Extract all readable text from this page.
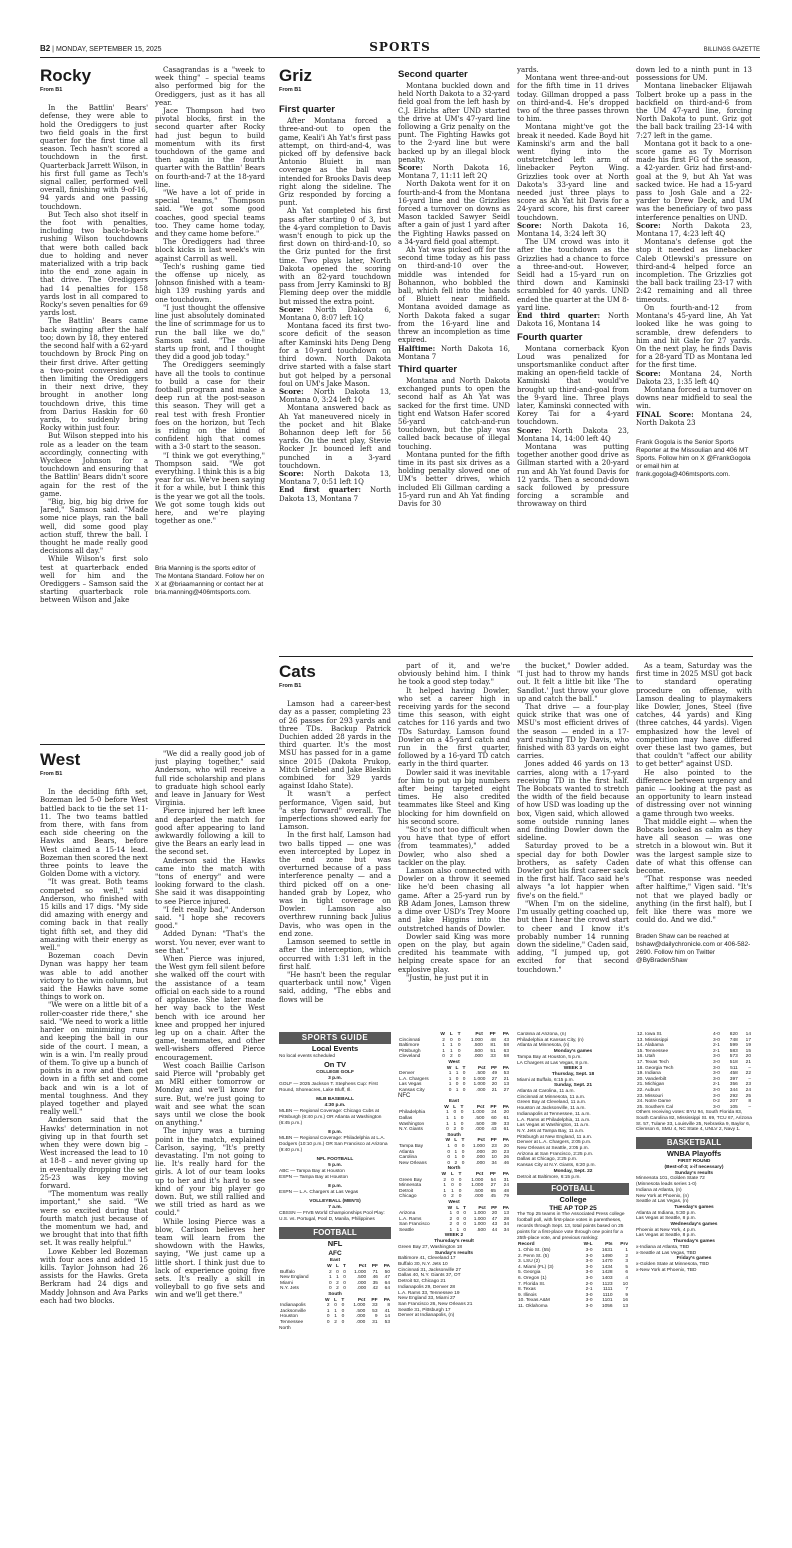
B2 | MONDAY, SEPTEMBER 15, 2025	SPORTS	BILLINGS GAZETTE
Rocky
From B1

In the Battlin' Bears' defense, they were able to hold the Orediggers to just two field goals in the first quarter for the first time all season. Tech hasn't scored a touchdown in the first. Quarterback Jarrett Wilson, in his first full game as Tech's signal caller, performed well overall, finishing with 9-of-16, 94 yards and one passing touchdown.

But Tech also shot itself in the foot with penalties, including two back-to-back rushing Wilson touchdowns that were both called back due to holding and never materialized with a trip back into the end zone again in that drive. The Orediggers had 14 penalties for 158 yards lost in all compared to Rocky's seven penalties for 69 yards lost.

The Battlin' Bears came back swinging after the half too; down by 18, they entered the second half with a 62-yard touchdown by Brock Ping on their first drive. After getting a two-point conversion and then limiting the Orediggers in their next drive, they brought in another long touchdown drive, this time from Darius Haskin for 60 yards, to suddenly bring Rocky within just four.

But Wilson stepped into his role as a leader on the team accordingly, connecting with Wyckece Johnson for a touchdown and ensuring that the Battlin' Bears didn't score again for the rest of the game.

"Big, big, big big drive for Jared," Samson said. "Made some nice plays, ran the ball well, did some good play action stuff, threw the ball. I thought he made really good decisions all day."

While Wilson's first solo test at quarterback ended well for him and the Orediggers – Samson said the starting quarterback role between Wilson and Jake

Casagrandas is a "week to week thing" – special teams also performed big for the Orediggers, just as it has all year.

Jace Thompson had two pivotal blocks, first in the second quarter after Rocky had just begun to build momentum with its first touchdown of the game and then again in the fourth quarter with the Battlin' Bears on fourth-and-7 at the 18-yard line.

"We have a lot of pride in special teams," Thompson said. "We got some good coaches, good special teams too. They came home today, and they came home before."

The Orediggers had three block kicks in last week's win against Carroll as well.

Tech's rushing game tied the offense up nicely, as Johnson finished with a team-high 139 rushing yards and one touchdown.

"I just thought the offensive line just absolutely dominated the line of scrimmage for us to run the ball like we do," Samson said. "The o-line starts up front, and I thought they did a good job today."

The Orediggers seemingly have all the tools to continue to build a case for their football program and make a deep run at the post-season this season. They will get a real test with fresh Frontier foes on the horizon, but Tech is riding on the kind of confident high that comes with a 3-0 start to the season.

"I think we got everything," Thompson said. "We got everything. I think this is a big year for us. We've been saying it for a while, but I think this is the year we got all the tools. We got some tough kids out here, and we're playing together as one."

Bria Manning is the sports editor of The Montana Standard. Follow her on X at @briaamanning or contact her at bria.manning@406mtsports.com.

West
From B1

In the deciding fifth set, Bozeman led 5-0 before West battled back to tie the set 11-11. The two teams battled from there, with fans from each side cheering on the Hawks and Bears, before West claimed a 15-14 lead. Bozeman then scored the next three points to leave the Golden Dome with a victory.

"It was great. Both teams competed so well," said Anderson, who finished with 15 kills and 17 digs. "My side did amazing with energy and coming back in that really tight fifth set, and they did amazing with their energy as well."

Bozeman coach Devin Dynan was happy her team was able to add another victory to the win column, but said the Hawks have some things to work on.

"We were on a little bit of a roller-coaster ride there," she said. "We need to work a little harder on minimizing runs and keeping the ball in our side of the court. I mean, a win is a win. I'm really proud of them. To give up a bunch of points in a row and then get down in a fifth set and come back and win is a lot of mental toughness. And they played together and played really well."

Anderson said that the Hawks' determination in not giving up in that fourth set when they were down big – West increased the lead to 10 at 18-8 – and never giving up in eventually dropping the set 25-23 was key moving forward.

"The momentum was really important," she said. "We were so excited during that fourth match just because of the momentum we had, and we brought that into that fifth set. It was really helpful."

Lowe Kebber led Bozeman with four aces and added 15 kills. Taylor Johnson had 26 assists for the Hawks. Greta Berkram had 24 digs and Maddy Johnson and Ava Parks each had two blocks.

"We did a really good job of just playing together," said Anderson, who will receive a full ride scholarship and plans to graduate high school early and leave in January for West Virginia.

Pierce injured her left knee and departed the match for good after appearing to land awkwardly following a kill to give the Bears an early lead in the second set.

Anderson said the Hawks came into the match with "tons of energy" and were looking forward to the clash. She said it was disappointing to see Pierce injured.

"I felt really bad," Anderson said. "I hope she recovers good."

Added Dynan: "That's the worst. You never, ever want to see that."

When Pierce was injured, the West gym fell silent before she walked off the court with the assistance of a team official on each side to a round of applause. She later made her way back to the West bench with ice around her knee and propped her injured leg up on a chair. After the game, teammates, and other well-wishers offered Pierce encouragement.

West coach Baillie Carlson said Pierce will "probably get an MRI either tomorrow or Monday and we'll know for sure. But, we're just going to wait and see what the scan says until we close the book on anything."

The injury was a turning point in the match, explained Carlson, saying, "It's pretty devastating. I'm not going to lie. It's really hard for the girls. A lot of our team looks up to her and it's hard to see kind of your big player go down. But, we still rallied and we still tried as hard as we could."

While losing Pierce was a blow, Carlson believes her team will learn from the showdown with the Hawks, saying, "We just came up a little short. I think just due to lack of experience going five sets. It's really a skill in volleyball to go five sets and win and we'll get there."

Griz
From B1
First quarter

After Montana forced a three-and-out to open the game, Keali'i Ah Yat's first pass attempt, on third-and-4, was picked off by defensive back Antonio Bluiett in man coverage as the ball was intended for Brooks Davis deep right along the sideline. The Griz responded by forcing a punt.

Ah Yat completed his first pass after starting 0 of 3, but the 4-yard completion to Davis wasn't enough to pick up the first down on third-and-10, so the Griz punted for the first time. Two plays later, North Dakota opened the scoring with an 82-yard touchdown pass from Jerry Kaminski to BJ Fleming deep over the middle but missed the extra point.

Score: North Dakota 6, Montana 0, 8:07 left 1Q

Montana faced its first two-score deficit of the season after Kaminski hits Deng Deng for a 10-yard touchdown on third down. North Dakota drive started with a false start but got helped by a personal foul on UM's Jake Mason.

Score: North Dakota 13, Montana 0, 3:24 left 1Q

Montana answered back as Ah Yat maneuvered nicely in the pocket and hit Blake Bohannon deep left for 56 yards. On the next play, Stevie Rocker Jr. bounced left and punched in a 3-yard touchdown.

Score: North Dakota 13, Montana 7, 0:51 left 1Q

End first quarter: North Dakota 13, Montana 7

Second quarter

Montana buckled down and held North Dakota to a 32-yard field goal from the left hash by C.J. Elrichs after UND started the drive at UM's 47-yard line following a Griz penalty on the punt. The Fighting Hawks got to the 2-yard line but were backed up by an illegal block penalty.

Score: North Dakota 16, Montana 7, 11:11 left 2Q

North Dakota went for it on fourth-and-4 from the Montana 16-yard line and the Grizzlies forced a turnover on downs as Mason tackled Sawyer Seidl after a gain of just 1 yard after the Fighting Hawks passed on a 34-yard field goal attempt.

Ah Yat was picked off for the second time today as his pass on third-and-10 over the middle was intended for Bohannon, who bobbled the ball, which fell into the hands of Bluiett near midfield. Montana avoided damage as North Dakota faked a sugar from the 16-yard line and threw an incompletion as time expired.

Halftime: North Dakota 16, Montana 7

Third quarter

Montana and North Dakota exchanged punts to open the second half as Ah Yat was sacked for the first time. UND tight end Watson Hafer scored 56-yard catch-and-run touchdown, but the play was called back because of illegal touching.

Montana punted for the fifth time in its past six drives as a holding penalty slowed one of UM's better drives, which included Eli Gillman carding a 15-yard run and Ah Yat finding Davis for 30

yards.

Montana went three-and-out for the fifth time in 11 drives today. Gillman dropped a pass on third-and-4. He's dropped two of the three passes thrown to him.

Montana might've got the break it needed. Kade Boyd hit Kaminski's arm and the ball went flying into the outstretched left arm of linebacker Peyton Wing. Grizzlies took over at North Dakota's 33-yard line and needed just three plays to score as Ah Yat hit Davis for a 24-yard score, his first career touchdown.

Score: North Dakota 16, Montana 14, 3:24 left 3Q

The UM crowd was into it after the touchdown as the Grizzlies had a chance to force a three-and-out. However, Seidl had a 15-yard run on third down and Kaminski scrambled for 40 yards. UND ended the quarter at the UM 8-yard line.

End third quarter: North Dakota 16, Montana 14

Fourth quarter

Montana cornerback Kyon Loud was penalized for unsportsmanlike conduct after making an open-field tackle of Kaminski that would've brought up third-and-goal from the 9-yard line. Three plays later, Kaminski connected with Korey Tai for a 4-yard touchdown.

Score: North Dakota 23, Montana 14, 14:00 left 4Q

Montana was putting together another good drive as Gillman started with a 20-yard run and Ah Yat found Davis for 12 yards. Then a second-down sack followed by pressure forcing a scramble and throwaway on third

down led to a ninth punt in 13 possessions for UM.

Montana linebacker Elijawah Tolbert broke up a pass in the backfield on third-and-6 from the UM 47-yard line, forcing North Dakota to punt. Griz got the ball back trailing 23-14 with 7:27 left in the game.

Montana got it back to a one-score game as Ty Morrison made his first FG of the season, a 42-yarder. Griz had first-and-goal at the 9, but Ah Yat was sacked twice. He had a 15-yard pass to Josh Gale and a 22-yarder to Drew Deck, and UM was the beneficiary of two pass interference penalties on UND.

Score: North Dakota 23, Montana 17, 4:23 left 4Q

Montana's defense got the stop it needed as linebacker Caleb Otlewski's pressure on third-and-4 helped force an incompletion. The Grizzlies got the ball back trailing 23-17 with 2:42 remaining and all three timeouts.

On fourth-and-12 from Montana's 45-yard line, Ah Yat looked like he was going to scramble, drew defenders to him and hit Gale for 27 yards. On the next play, he finds Davis for a 28-yard TD as Montana led for the first time.

Score: Montana 24, North Dakota 23, 1:35 left 4Q

Montana forced a turnover on downs near midfield to seal the win.

FINAL Score: Montana 24, North Dakota 23

Frank Gogola is the Senior Sports Reporter at the Missoulian and 406 MT Sports. Follow him on X @FrankGogola or email him at frank.gogola@406mtsports.com.

Cats
From B1

Lamson had a career-best day as a passer, completing 23 of 26 passes for 293 yards and three TDs. Backup Patrick Duchien added 28 yards in the third quarter. It's the most MSU has passed for in a game since 2015 (Dakota Prukop, Mitch Griebel and Jake Bleskin combined for 329 yards against Idaho State).

It wasn't a perfect performance, Vigen said, but "a step forward" overall. The imperfections showed early for Lamson.

In the first half, Lamson had two balls tipped — one was even intercepted by Lopez in the end zone but was overturned because of a pass interference penalty — and a third picked off on a one-handed grab by Lopez, who was in tight coverage on Dowler. Lamson also overthrew running back Julius Davis, who was open in the end zone.

Lamson seemed to settle in after the interception, which occurred with 1:31 left in the first half.

"He hasn't been the regular quarterback until now," Vigen said, adding, "The ebbs and flows will be

part of it, and we're obviously behind him. I think he took a good step today."

It helped having Dowler, who set a career high in receiving yards for the second time this season, with eight catches for 116 yards and two TDs Saturday. Lamson found Dowler on a 45-yard catch and run in the first quarter, followed by a 16-yard TD catch early in the third quarter.

Dowler said it was inevitable for him to put up big numbers after being targeted eight times. He also credited teammates like Steel and King blocking for him downfield on his second score.

"So it's not too difficult when you have that type of effort (from teammates)," added Dowler, who also shed a tackler on the play.

Lamson also connected with Dowler on a throw it seemed like he'd been chasing all game. After a 25-yard run by RB Adam Jones, Lamson threw a dime over USD's Trey Moore and Jake Higgins into the outstretched hands of Dowler.

Dowler said King was more open on the play, but again credited his teammate with helping create space for an explosive play.

"Justin, he just put it in

the bucket," Dowler added. "I just had to throw my hands out. It felt a little bit like 'The Sandlot.' Just throw your glove up and catch the ball."

That drive — a four-play quick strike that was one of MSU's most efficient drives of the season — ended in a 17-yard rushing TD by Davis, who finished with 83 yards on eight carries.

Jones added 46 yards on 13 carries, along with a 17-yard receiving TD in the first half. The Bobcats wanted to stretch the width of the field because of how USD was loading up the box, Vigen said, which allowed some outside running lanes and finding Dowler down the sideline.

Saturday proved to be a special day for both Dowler brothers, as safety Caden Dowler got his first career sack in the first half. Taco said he's always "a lot happier when five's on the field."

"When I'm on the sideline, I'm usually getting coached up, but then I hear the crowd start to cheer and I know it's probably number 14 running down the sideline," Caden said, adding, "I jumped up, got excited for that second touchdown."

As a team, Saturday was the first time in 2025 MSU got back to standard operating procedure on offense, with Lamson dealing to playmakers like Dowler, Jones, Steel (five catches, 44 yards) and King (three catches, 44 yards). Vigen emphasized how the level of competition may have differed over these last two games, but that couldn't "affect our ability to get better" against USD.

He also pointed to the difference between urgency and panic — looking at the past as an opportunity to learn instead of distressing over not winning a game through two weeks.

That middle eight — when the Bobcats looked as calm as they have all season — was one stretch in a blowout win. But it was the largest sample size to date of what this offense can become.

"That response was needed after halftime," Vigen said. "It's not that we played badly or anything (in the first half), but I felt like there was more we could do. And we did."

Braden Shaw can be reached at bshaw@dailychronicle.com or 406-582-2690. Follow him on Twitter @ByBradenShaw

SPORTS GUIDE
Local Events
No local events scheduled
On TV
COLLEGE GOLF
3 p.m.
GOLF — 2025 Jackson T. Stephens Cup: First Round, Shoreacres, Lake Bluff, Ill.
MLB BASEBALL
4:30 p.m.
MLBN — Regional Coverage: Chicago Cubs at Pittsburgh (6:40 p.m.) OR Atlanta at Washington (6:45 p.m.)
8 p.m.
MLBN — Regional Coverage: Philadelphia at L.A. Dodgers (10:10 p.m.) OR San Francisco at Arizona (9:40 p.m.)
NFL FOOTBALL
5 p.m.
ABC — Tampa Bay at Houston
ESPN — Tampa Bay at Houston
8 p.m.
ESPN — L.A. Chargers at Las Vegas
VOLLEYBALL (MEN'S)
7 a.m.
CBSSN — FIVB World Championships Pool Play: U.S. vs. Portugal, Pool D, Manila, Philippines
FOOTBALL
NFL
AFC
East						
	W	L	T	Pct	PF	PA
Buffalo	2	0	0	1.000	71	50
New England	1	1	0	.500	46	47
Miami	0	2	0	.000	35	64
N.Y. Jets	0	2	0	.000	42	64
South						
	W	L	T	Pct	PF	PA
Indianapolis	2	0	0	1.000	33	8
Jacksonville	1	1	0	.500	53	41
Houston	0	1	0	.000	9	14
Tennessee	0	2	0	.000	31	53
North
	W	L	T	Pct	PF	PA
Cincinnati	2	0	0	1.000	48	43
Baltimore	1	1	0	.500	81	58
Pittsburgh	1	1	0	.500	51	63
Cleveland	0	2	0	.000	33	58
West						
	W	L	T	Pct	PF	PA
Denver	1	1	0	.500	49	53
L.A. Chargers	1	0	0	1.000	27	21
Las Vegas	1	0	0	1.000	20	13
Kansas City	0	1	0	.000	21	27
NFC
East						
	W	L	T	Pct	PF	PA
Philadelphia	1	0	0	1.000	24	20
Dallas	1	1	0	.500	60	61
Washington	1	1	0	.500	39	33
N.Y. Giants	0	2	0	.000	43	61
South						
	W	L	T	Pct	PF	PA
Tampa Bay	1	0	0	1.000	23	20
Atlanta	0	1	0	.000	20	23
Carolina	0	1	0	.000	10	26
New Orleans	0	2	0	.000	34	46
North						
	W	L	T	Pct	PF	PA
Green Bay	2	0	0	1.000	54	31
Minnesota	1	0	0	1.000	27	24
Detroit	1	1	0	.500	65	48
Chicago	0	2	0	.000	45	79
West						
	W	L	T	Pct	PF	PA
Arizona	1	0	0	1.000	20	13
L.A. Rams	2	0	0	1.000	47	28
San Francisco	2	0	0	1.000	43	34
Seattle	1	1	0	.500	44	34
WEEK 2
Thursday's result
Green Bay 27, Washington 18
Sunday's results
Baltimore 41, Cleveland 17
Buffalo 30, N.Y. Jets 10
Cincinnati 31, Jacksonville 27
Dallas 40, N.Y. Giants 37, OT
Detroit 52, Chicago 21
Indianapolis 29, Denver 28
L.A. Rams 33, Tennessee 19
New England 33, Miami 27
San Francisco 26, New Orleans 21
Seattle 31, Pittsburgh 17
Denver at Indianapolis, (n)
Carolina at Arizona, (n)
Philadelphia at Kansas City, (n)
Atlanta at Minnesota, (n)
Monday's games
Tampa Bay at Houston, 5 p.m.
LA Chargers at Las Vegas, 8 p.m.
WEEK 3
Thursday, Sept. 18
Miami at Buffalo, 6:15 p.m.
Sunday, Sept. 21
Atlanta at Carolina, 11 a.m.
Cincinnati at Minnesota, 11 a.m.
Green Bay at Cleveland, 11 a.m.
Houston at Jacksonville, 11 a.m.
Indianapolis at Tennessee, 11 a.m.
L.A. Rams at Philadelphia, 11 a.m.
Las Vegas at Washington, 11 a.m.
N.Y. Jets at Tampa Bay, 11 a.m.
Pittsburgh at New England, 11 a.m.
Denver at L.A. Chargers, 2:05 p.m.
New Orleans at Seattle, 2:05 p.m.
Arizona at San Francisco, 2:25 p.m.
Dallas at Chicago, 2:25 p.m.
Kansas City at N.Y. Giants, 6:20 p.m.
Monday, Sept. 22
Detroit at Baltimore, 6:15 p.m.
FOOTBALL
College
THE AP TOP 25
The Top 25 teams in The Associated Press college football poll, with first-place votes in parentheses, records through Sept. 13, total points based on 25 points for a first-place vote through one point for a 25th-place vote, and previous ranking:
Record	W-L	Pts	Prv
1. Ohio St. (55)	3-0	1631	1
2. Penn St. (5)	3-0	1490	2
3. LSU (2)	3-0	1470	3
4. Miami (FL) (3)	3-0	1434	5
5. Georgia	3-0	1428	6
6. Oregon (1)	3-0	1403	4
7. Florida St.	2-0	1123	10
8. Texas	2-1	1111	7
9. Illinois	3-0	1110	9
10. Texas A&M	3-0	1101	16
11. Oklahoma	3-0	1056	13
12. Iowa St.	4-0	820	14
13. Mississippi	3-0	748	17
14. Alabama	2-1	599	19
15. Tennessee	2-1	583	15
16. Utah	3-0	573	20
17. Texas Tech	3-0	518	21
18. Georgia Tech	3-0	511	–
19. Indiana	3-0	458	22
20. Vanderbilt	3-0	397	–
21. Michigan	2-1	356	23
22. Auburn	3-0	344	24
23. Missouri	3-0	292	25
24. Notre Dame	0-2	207	8
25. Southern Cal	3-0	105	–
Others receiving votes: BYU 94, South Florida 83, South Carolina 82, Mississippi St. 69, TCU 67, Arizona St. 57, Tulane 33, Louisville 25, Nebraska 9, Baylor 6, Clemson 6, SMU 4, NC State 4, UNLV 2, Navy 1.
BASKETBALL
WNBA Playoffs
FIRST ROUND
(Best-of-3; x-if necessary)
Sunday's results
Minnesota 101, Golden State 72
(Minnesota leads series 1-0)
Indiana at Atlanta, (n)
New York at Phoenix, (n)
Seattle at Las Vegas, (n)
Tuesday's games
Atlanta at Indiana, 5:30 p.m.
Las Vegas at Seattle, 8 p.m.
Wednesday's games
Phoenix at New York, 4 p.m.
Las Vegas at Seattle, 8 p.m.
Thursday's games
x-Indiana at Atlanta, TBD
x-Seattle at Las Vegas, TBD
Friday's games
x-Golden State at Minnesota, TBD
x-New York at Phoenix, TBD
